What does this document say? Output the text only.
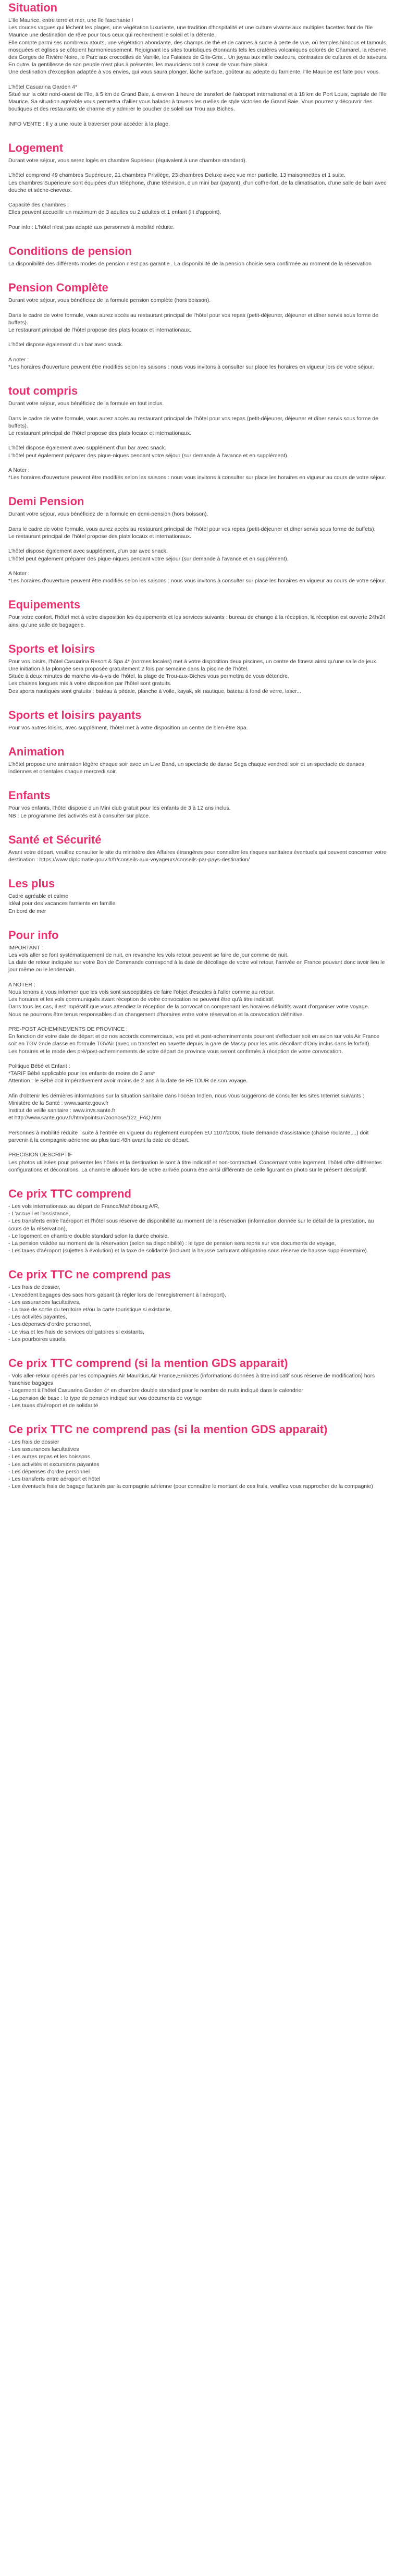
Situation

L'Ile Maurice, entre terre et mer, une île fascinante !

Les douces vagues qui lèchent les plages, une végétation luxuriante, une tradition d'hospitalité et une culture vivante aux multiples facettes font de l'Ile Maurice une destination de rêve pour tous ceux qui recherchent le soleil et la détente.

Elle compte parmi ses nombreux atouts, une végétation abondante, des champs de thé et de cannes à sucre à perte de vue, où temples hindous et tamouls, mosquées et églises se côtoient harmonieusement. Rejoignant les sites touristiques étonnants tels les cratères volcaniques colorés de Chamarel, la réserve des Gorges de Rivière Noire, le Parc aux crocodiles de Vanille, les Falaises de Gris-Gris... Un joyau aux mille couleurs, contrastes de cultures et de saveurs.

En outre, la gentillesse de son peuple n'est plus à présenter, les mauriciens ont à cœur de vous faire plaisir.

Une destination d'exception adaptée à vos envies, qui vous saura plonger, lâche surface, goûteur au adepte du farniente, l'Ile Maurice est faite pour vous.

L'hôtel Casuarina Garden 4*

Situé sur la côte nord-ouest de l'île, à 5 km de Grand Baie, à environ 1 heure de transfert de l'aéroport international et à 18 km de Port Louis, capitale de l'Ile Maurice. Sa situation agréable vous permettra d'allier vous balader à travers les ruelles de style victorien de Grand Baie. Vous pourrez y découvrir des boutiques et des restaurants de charme et y admirer le coucher de soleil sur Trou aux Biches.

INFO VENTE : Il y a une route à traverser pour accéder à la plage.

Logement

Durant votre séjour, vous serez logés en chambre Supérieur (équivalent à une chambre standard).

L'hôtel comprend 49 chambres Supérieure, 21 chambres Privilège, 23 chambres Deluxe avec vue mer partielle, 13 maisonnettes et 1 suite.

Les chambres Supérieure sont équipées d'un téléphone, d'une télévision, d'un mini bar (payant), d'un coffre-fort, de la climatisation, d'une salle de bain avec douche et sèche-cheveux.

Capacité des chambres :

Elles peuvent accueillir un maximum de 3 adultes ou 2 adultes et 1 enfant (lit d'appoint).

Pour info : L'hôtel n'est pas adapté aux personnes à mobilité réduite.

Conditions de pension

La disponibilité des différents modes de pension n'est pas garantie . La disponibilité de la pension choisie sera confirmée au moment de la réservation

Pension Complète

Durant votre séjour, vous bénéficiez de la formule pension complète (hors boisson).

Dans le cadre de votre formule, vous aurez accès au restaurant principal de l'hôtel pour vos repas (petit-déjeuner, déjeuner et dîner servis sous forme de buffets).

Le restaurant principal de l'hôtel propose des plats locaux et internationaux.

L'hôtel dispose également d'un bar avec snack.

A noter :

*Les horaires d'ouverture peuvent être modifiés selon les saisons : nous vous invitons à consulter sur place les horaires en vigueur lors de votre séjour.

tout compris

Durant votre séjour, vous bénéficiez de la formule en tout inclus.

Dans le cadre de votre formule, vous aurez accès au restaurant principal de l'hôtel pour vos repas (petit-déjeuner, déjeuner et dîner servis sous forme de buffets).

Le restaurant principal de l'hôtel propose des plats locaux et internationaux.

L'hôtel dispose également avec supplément d'un bar avec snack.

L'hôtel peut également préparer des pique-niques pendant votre séjour (sur demande à l'avance et en supplément).

A Noter :

*Les horaires d'ouverture peuvent être modifiés selon les saisons : nous vous invitons à consulter sur place les horaires en vigueur au cours de votre séjour.

Demi Pension

Durant votre séjour, vous bénéficiez de la formule en demi-pension (hors boisson).

Dans le cadre de votre formule, vous aurez accès au restaurant principal de l'hôtel pour vos repas (petit-déjeuner et dîner servis sous forme de buffets).

Le restaurant principal de l'hôtel propose des plats locaux et internationaux.

L'hôtel dispose également avec supplément, d'un bar avec snack.

L'hôtel peut également préparer des pique-niques pendant votre séjour (sur demande à l'avance et en supplément).

A Noter :

*Les horaires d'ouverture peuvent être modifiés selon les saisons : nous vous invitons à consulter sur place les horaires en vigueur au cours de votre séjour.

Equipements

Pour votre confort, l'hôtel met à votre disposition les équipements et les services suivants : bureau de change à la réception, la réception est ouverte 24h/24 ainsi qu'une salle de bagagerie.

Sports et loisirs

Pour vos loisirs, l'hôtel Casuarina Resort & Spa 4* (normes locales) met à votre disposition deux piscines, un centre de fitness ainsi qu'une salle de jeux.

Une initiation à la plongée sera proposée gratuitement 2 fois par semaine dans la piscine de l'hôtel.

Située à deux minutes de marche vis-à-vis de l'hôtel, la plage de Trou-aux-Biches vous permettra de vous détendre.

Les chaises longues mis à votre disposition par l'hôtel sont gratuits.

Des sports nautiques sont gratuits : bateau à pédale, planche à voile, kayak, ski nautique, bateau à fond de verre, laser...

Sports et loisirs payants

Pour vos autres loisirs, avec supplément, l'hôtel met à votre disposition un centre de bien-être Spa.

Animation

L'hôtel propose une animation légère chaque soir avec un Live Band, un spectacle de danse Sega chaque vendredi soir et un spectacle de danses indiennes et orientales chaque mercredi soir.

Enfants

Pour vos enfants, l'hôtel dispose d'un Mini club gratuit pour les enfants de 3 à 12 ans inclus.

NB : Le programme des activités est à consulter sur place.

Santé et Sécurité

Avant votre départ, veuillez consulter le site du ministère des Affaires étrangères pour connaître les risques sanitaires éventuels qui peuvent concerner votre destination : https://www.diplomatie.gouv.fr/fr/conseils-aux-voyageurs/conseils-par-pays-destination/

Les plus

Cadre agréable et calme

Idéal pour des vacances farniente en famille

En bord de mer

Pour info

IMPORTANT :

Les vols aller se font systématiquement de nuit, en revanche les vols retour peuvent se faire de jour comme de nuit.

La date de retour indiquée sur votre Bon de Commande correspond à la date de décollage de votre vol retour, l'arrivée en France pouvant donc avoir lieu le jour même ou le lendemain.

A NOTER :

Nous tenons à vous informer que les vols sont susceptibles de faire l'objet d'escales à l'aller comme au retour.

Les horaires et les vols communiqués avant réception de votre convocation ne peuvent être qu'à titre indicatif.

Dans tous les cas, il est impératif que vous attendiez la réception de la convocation comprenant les horaires définitifs avant d'organiser votre voyage.

Nous ne pourrons être tenus responsables d'un changement d'horaires entre votre réservation et la convocation définitive.

PRE-POST ACHEMINEMENTS DE PROVINCE :

En fonction de votre date de départ et de nos accords commerciaux, vos pré et post-acheminements pourront s'effectuer soit en avion sur vols Air France soit en TGV 2nde classe en formule TGVAir (avec un transfert en navette depuis la gare de Massy pour les vols décollant d'Orly inclus dans le forfait).

Les horaires et le mode des pré/post-acheminements de votre départ de province vous seront confirmés à réception de votre convocation.

Politique Bébé et Enfant :

*TARIF Bébé applicable pour les enfants de moins de 2 ans*

Attention : le Bébé doit impérativement avoir moins de 2 ans à la date de RETOUR de son voyage.

Afin d'obtenir les dernières informations sur la situation sanitaire dans l'océan Indien, nous vous suggérons de consulter les sites Internet suivants :

Ministère de la Santé : www.sante.gouv.fr

Institut de veille sanitaire : www.invs.sante.fr

et http://www.sante.gouv.fr/htm/pointsur/zoonose/12z_FAQ.htm

Personnes à mobilité réduite : suite à l'entrée en vigueur du règlement européen EU 1107/2006, toute demande d'assistance (chaise roulante,...) doit parvenir à la compagnie aérienne au plus tard 48h avant la date de départ.

PRECISION DESCRIPTIF

Les photos utilisées pour présenter les hôtels et la destination le sont à titre indicatif et non-contractuel. Concernant votre logement, l'hôtel offre différentes configurations et décorations. La chambre allouée lors de votre arrivée pourra être ainsi différente de celle figurant en photo sur le présent descriptif.

Ce prix TTC comprend

- Les vols internationaux au départ de France/Mahébourg A/R,

- L'accueil et l'assistance,

- Les transferts entre l'aéroport et l'hôtel sous réserve de disponibilité au moment de la réservation (information donnée sur le détail de la prestation, au cours de la réservation),

- Le logement en chambre double standard selon la durée choisie,

- La pension validée au moment de la réservation (selon sa disponibilité) : le type de pension sera repris sur vos documents de voyage,

- Les taxes d'aéroport (sujettes à évolution) et la taxe de solidarité (incluant la hausse carburant obligatoire sous réserve de hausse supplémentaire).

Ce prix TTC ne comprend pas

- Les frais de dossier,

- L'excédent bagages des sacs hors gabarit (à régler lors de l'enregistrement à l'aéroport),

- Les assurances facultatives,

- La taxe de sortie du territoire et/ou la carte touristique si existante,

- Les activités payantes,

- Les dépenses d'ordre personnel,

- Le visa et les frais de services obligatoires si existants,

- Les pourboires usuels.

Ce prix TTC comprend (si la mention GDS apparait)

- Vols aller-retour opérés par les compagnies Air Mauritius,Air France,Emirates (informations données à titre indicatif sous réserve de modification) hors franchise bagages

- Logement à l'hôtel Casuarina Garden 4* en chambre double standard pour le nombre de nuits indiqué dans le calendrier

- La pension de base : le type de pension indiqué sur vos documents de voyage

- Les taxes d'aéroport et de solidarité

Ce prix TTC ne comprend pas (si la mention GDS apparait)

- Les frais de dossier

- Les assurances facultatives

- Les autres repas et les boissons

- Les activités et excursions payantes

- Les dépenses d'ordre personnel

- Les transferts entre aéroport et hôtel

- Les éventuels frais de bagage facturés par la compagnie aérienne (pour connaître le montant de ces frais, veuillez vous rapprocher de la compagnie)
